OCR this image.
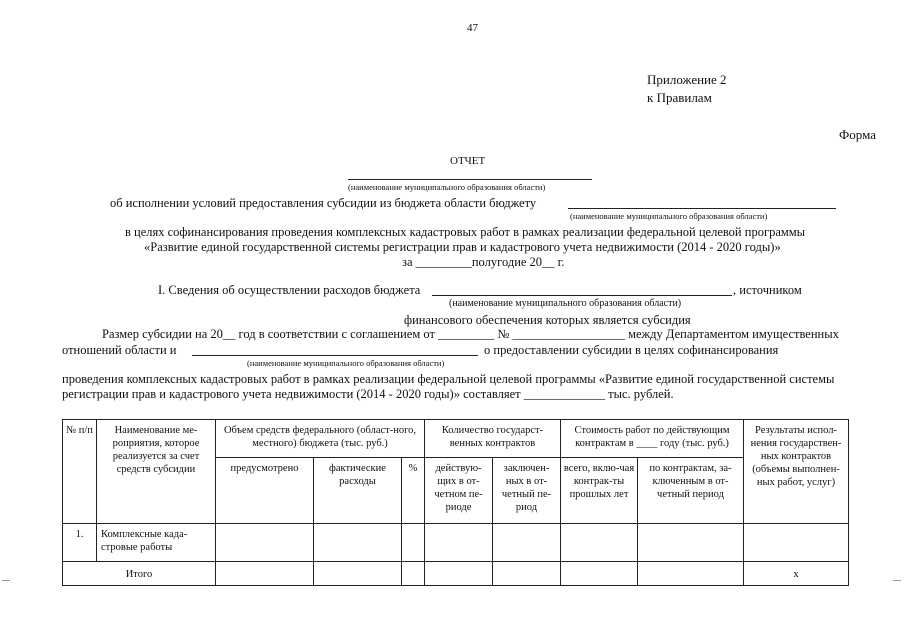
47
Приложение 2
к Правилам
Форма
ОТЧЕТ
(наименование муниципального образования области)
об исполнении условий предоставления субсидии из бюджета области бюджету
(наименование муниципального образования области)
в целях софинансирования проведения комплексных кадастровых работ в рамках реализации федеральной целевой программы
«Развитие единой государственной системы регистрации прав и кадастрового учета недвижимости (2014 - 2020 годы)»
за _________полугодие 20__ г.
I. Сведения об осуществлении расходов бюджета	, источником
(наименование муниципального образования области)
финансового обеспечения которых является субсидия
Размер субсидии на 20__ год в соответствии с соглашением от _________ № __________________ между Департаментом имущественных
отношений области и	о предоставлении субсидии в целях софинансирования
(наименование муниципального образования области)
проведения комплексных кадастровых работ в рамках реализации федеральной целевой программы «Развитие единой государственной системы
регистрации прав и кадастрового учета недвижимости (2014 - 2020 годы)» составляет _____________ тыс. рублей.
№ п/п	Наименование ме-роприятия, которое реализуется за счет средств субсидии	Объем средств федерального (област-ного, местного) бюджета (тыс. руб.)			Количество государст-венных контрактов		Стоимость работ по действующим контрактам в ____ году (тыс. руб.)		Результаты испол-нения государствен-ных контрактов (объемы выполнен-ных работ, услуг)
		предусмотрено	фактические расходы	%	действую-щих в от-четном пе-риоде	заключен-ных в от-четный пе-риод	всего, вклю-чая контрак-ты прошлых лет	по контрактам, за-ключенным в от-четный период	
1.	Комплексные када-стровые работы								
Итого									x
